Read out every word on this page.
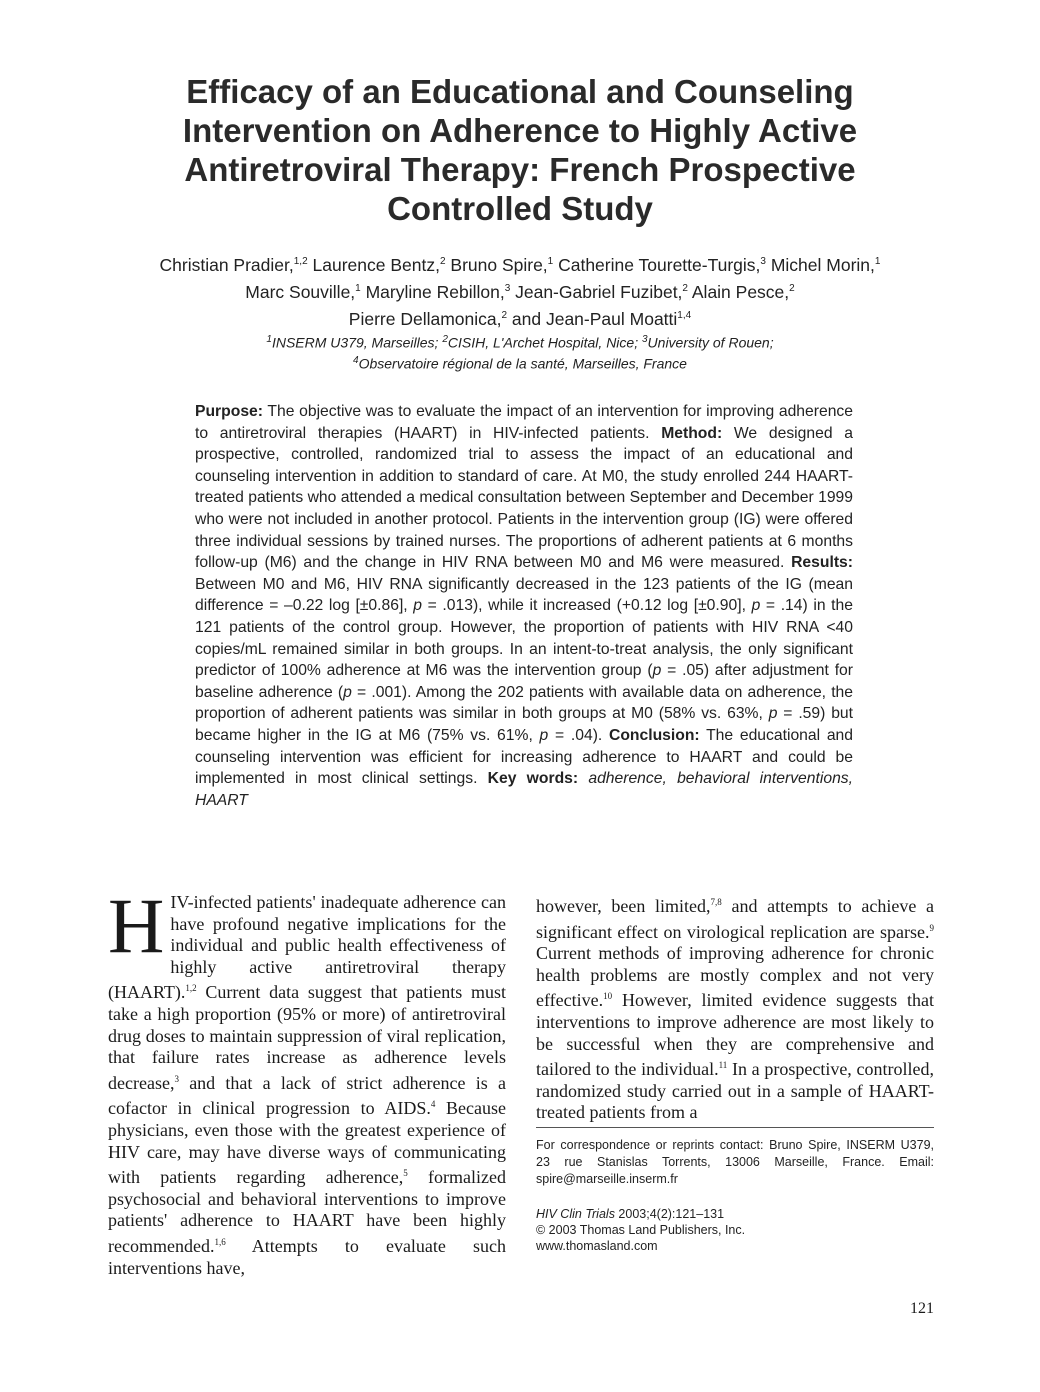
Efficacy of an Educational and Counseling
Intervention on Adherence to Highly Active
Antiretroviral Therapy: French Prospective
Controlled Study
Christian Pradier,$^{1,2}$ Laurence Bentz,$^2$ Bruno Spire,$^1$ Catherine Tourette-Turgis,$^3$ Michel Morin,$^1$
Marc Souville,$^1$ Maryline Rebillon,$^3$ Jean-Gabriel Fuzibet,$^2$ Alain Pesce,$^2$
Pierre Dellamonica,$^2$ and Jean-Paul Moatti$^{1,4}$
$^1$INSERM U379, Marseilles; $^2$CISIH, L'Archet Hospital, Nice; $^3$University of Rouen;
$^4$Observatoire régional de la santé, Marseilles, France
Purpose: The objective was to evaluate the impact of an intervention for improving adherence to antiretroviral therapies (HAART) in HIV-infected patients. Method: We designed a prospective, controlled, randomized trial to assess the impact of an educational and counseling intervention in addition to standard of care. At M0, the study enrolled 244 HAART-treated patients who attended a medical consultation between September and December 1999 who were not included in another protocol. Patients in the intervention group (IG) were offered three individual sessions by trained nurses. The proportions of adherent patients at 6 months follow-up (M6) and the change in HIV RNA between M0 and M6 were measured. Results: Between M0 and M6, HIV RNA significantly decreased in the 123 patients of the IG (mean difference = –0.22 log [±0.86], p = .013), while it increased (+0.12 log [±0.90], p = .14) in the 121 patients of the control group. However, the proportion of patients with HIV RNA <40 copies/mL remained similar in both groups. In an intent-to-treat analysis, the only significant predictor of 100% adherence at M6 was the intervention group (p = .05) after adjustment for baseline adherence (p = .001). Among the 202 patients with available data on adherence, the proportion of adherent patients was similar in both groups at M0 (58% vs. 63%, p = .59) but became higher in the IG at M6 (75% vs. 61%, p = .04). Conclusion: The educational and counseling intervention was efficient for increasing adherence to HAART and could be implemented in most clinical settings. Key words: adherence, behavioral interventions, HAART
HIV-infected patients' inadequate adherence can have profound negative implications for the individual and public health effectiveness of highly active antiretroviral therapy (HAART).$^{1,2}$ Current data suggest that patients must take a high proportion (95% or more) of antiretroviral drug doses to maintain suppression of viral replication, that failure rates increase as adherence levels decrease,$^3$ and that a lack of strict adherence is a cofactor in clinical progression to AIDS.$^4$ Because physicians, even those with the greatest experience of HIV care, may have diverse ways of communicating with patients regarding adherence,$^5$ formalized psychosocial and behavioral interventions to improve patients' adherence to HAART have been highly recommended.$^{1,6}$ Attempts to evaluate such interventions have,
however, been limited,$^{7,8}$ and attempts to achieve a significant effect on virological replication are sparse.$^9$ Current methods of improving adherence for chronic health problems are mostly complex and not very effective.$^{10}$ However, limited evidence suggests that interventions to improve adherence are most likely to be successful when they are comprehensive and tailored to the individual.$^{11}$ In a prospective, controlled, randomized study carried out in a sample of HAART-treated patients from a
For correspondence or reprints contact: Bruno Spire, INSERM U379, 23 rue Stanislas Torrents, 13006 Marseille, France. Email: spire@marseille.inserm.fr
HIV Clin Trials 2003;4(2):121–131
© 2003 Thomas Land Publishers, Inc.
www.thomasland.com
121
